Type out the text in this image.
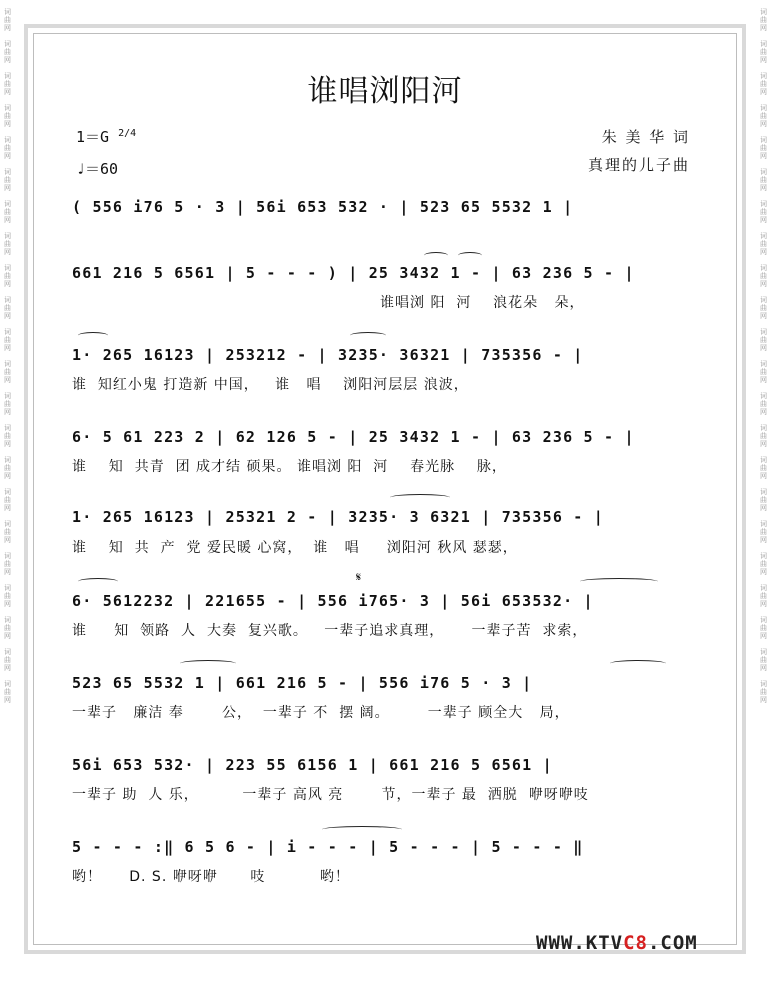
词曲网
词曲网
词曲网
词曲网
词曲网
词曲网
词曲网
词曲网
词曲网
词曲网
词曲网
词曲网
词曲网
词曲网
词曲网
词曲网
词曲网
词曲网
词曲网
词曲网
词曲网
词曲网
词曲网
词曲网
词曲网
词曲网
词曲网
词曲网
词曲网
词曲网
词曲网
词曲网
词曲网
词曲网
词曲网
词曲网
词曲网
词曲网
词曲网
词曲网
词曲网
词曲网
词曲网
词曲网
谁唱浏阳河
1＝G $^{2/4}$
♩＝60
朱 美 华 词
真理的儿子曲
( 556 i76 5 · 3 | 56i 653 532 · | 523 65 5532 1 |
661 216 5 6561 | 5 - - - ) | 25 3432 1 - | 63 236 5 - |
谁唱浏 阳  河    浪花朵   朵，
1· 265 16123 | 253212 - | 3235· 36321 | 735356 - |
谁  知红小鬼 打造新 中国，   谁   唱    浏阳河层层 浪波，
6· 5 61 223 2 | 62 126 5 - | 25 3432 1 - | 63 236 5 - |
谁    知  共青  团 成才结 硕果。 谁唱浏 阳  河    春光脉    脉，
1· 265 16123 | 25321 2 - | 3235· 3 6321 | 735356 - |
谁    知  共  产  党 爱民暖 心窝，  谁   唱     浏阳河 秋风 瑟瑟，
𝄋
6· 5612232 | 221655 - | 556 i765· 3 | 56i 653532· |
谁     知  领路  人  大奏  复兴歌。   一辈子追求真理，     一辈子苦  求索，
523 65 5532 1 | 661 216 5 - | 556 i76 5 · 3 |
一辈子   廉洁 奉       公，  一辈子 不  摆 阔。       一辈子 顾全大   局，
56i 653 532· | 223 55 6156 1 | 661 216 5 6561 |
一辈子 助  人 乐，        一辈子 高风 亮       节，一辈子 最  洒脱  咿呀咿吱
5 - - - :‖ 6 5 6 - | i - - - | 5 - - - | 5 - - - ‖
哟！     D. S. 咿呀咿      吱          哟！
WWW.KTVC8.COM
